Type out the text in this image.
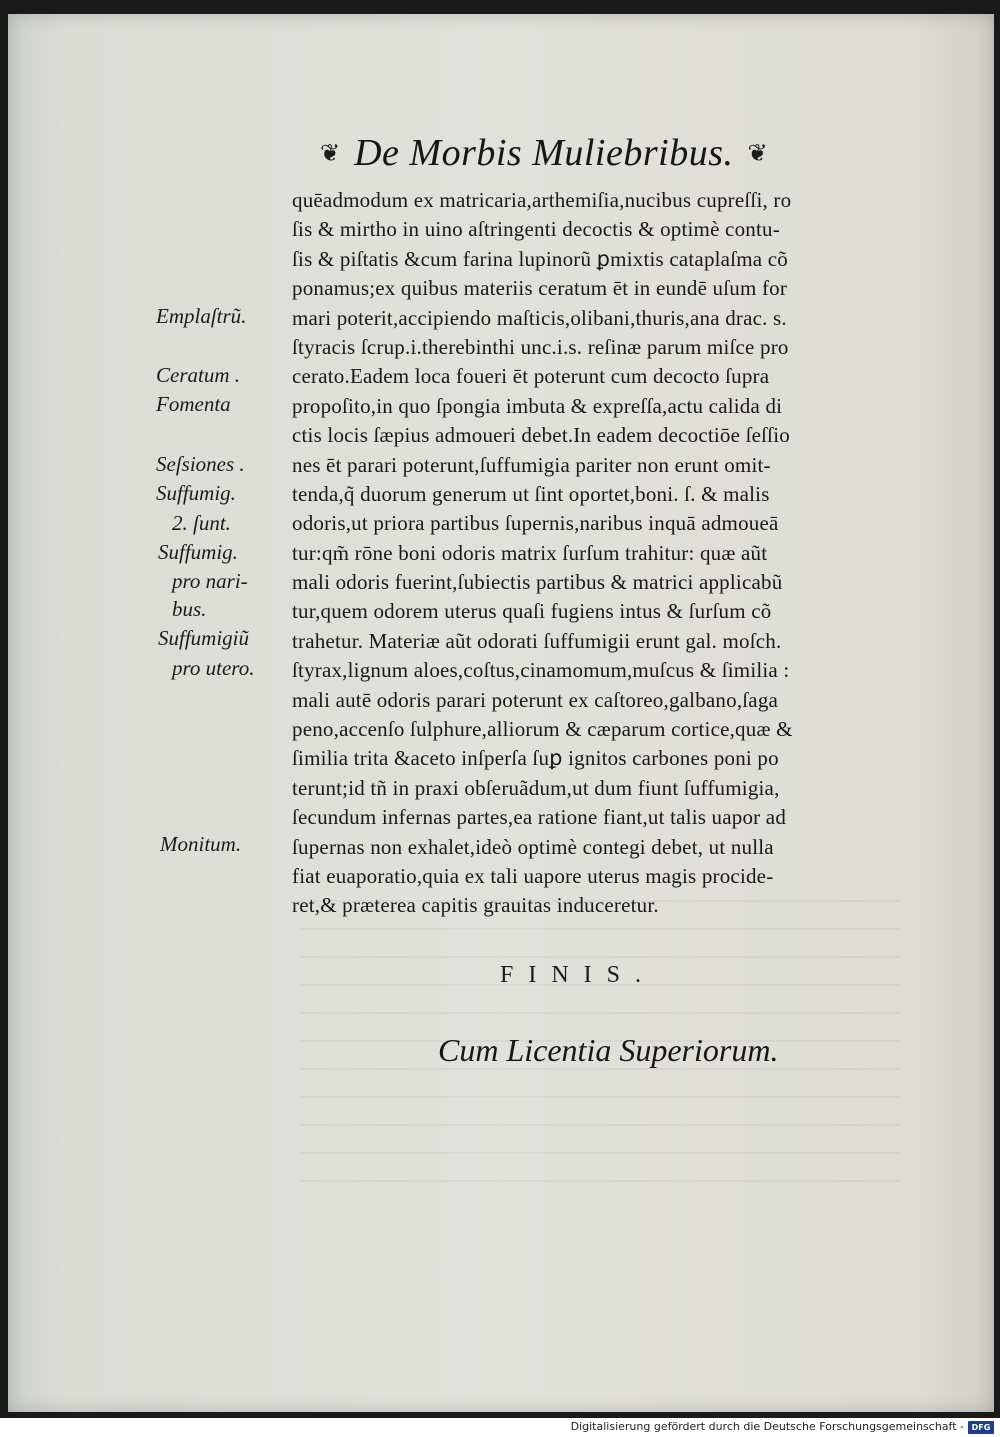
❦ De Morbis Muliebribus. ❦
quēadmodum ex matricaria,arthemiſia,nucibus cupreſſi, ro
ſis & mirtho in uino aſtringenti decoctis & optimè contu-
ſis & piſtatis &cum farina lupinorũ ꝑmixtis cataplaſma cõ
ponamus;ex quibus materiis ceratum ēt in eundē uſum for
mari poterit,accipiendo maſticis,olibani,thuris,ana drac. s.
ſtyracis ſcrup.i.therebinthi unc.i.s. reſinæ parum miſce pro
cerato.Eadem loca foueri ēt poterunt cum decocto ſupra
propoſito,in quo ſpongia imbuta & expreſſa,actu calida di
ctis locis ſæpius admoueri debet.In eadem decoctiōe ſeſſio
nes ēt parari poterunt,ſuffumigia pariter non erunt omit-
tenda,q̃ duorum generum ut ſint oportet,boni. ſ. & malis
odoris,ut priora partibus ſupernis,naribus inquā admoueā
tur:qm̃ rōne boni odoris matrix ſurſum trahitur: quæ aũt
mali odoris fuerint,ſubiectis partibus & matrici applicabũ
tur,quem odorem uterus quaſi fugiens intus & ſurſum cõ
trahetur. Materiæ aũt odorati ſuffumigii erunt gal. moſch.
ſtyrax,lignum aloes,coſtus,cinamomum,muſcus & ſimilia :
mali autē odoris parari poterunt ex caſtoreo,galbano,ſaga
peno,accenſo ſulphure,alliorum & cæparum cortice,quæ &
ſimilia trita &aceto inſperſa ſuꝑ ignitos carbones poni po
terunt;id tñ in praxi obſeruãdum,ut dum fiunt ſuffumigia,
ſecundum infernas partes,ea ratione fiant,ut talis uapor ad
ſupernas non exhalet,ideò optimè contegi debet, ut nulla
fiat euaporatio,quia ex tali uapore uterus magis procide-
ret,& præterea capitis grauitas induceretur.
Emplaſtrũ.
Ceratum .
Fomenta
Seſsiones .
Suffumig.
2. ſunt.
Suffumig.
pro nari-
bus.
Suffumigiũ
pro utero.
Monitum.
FINIS.
Cum Licentia Superiorum.
Digitalisierung gefördert durch die Deutsche Forschungsgemeinschaft - DFG
